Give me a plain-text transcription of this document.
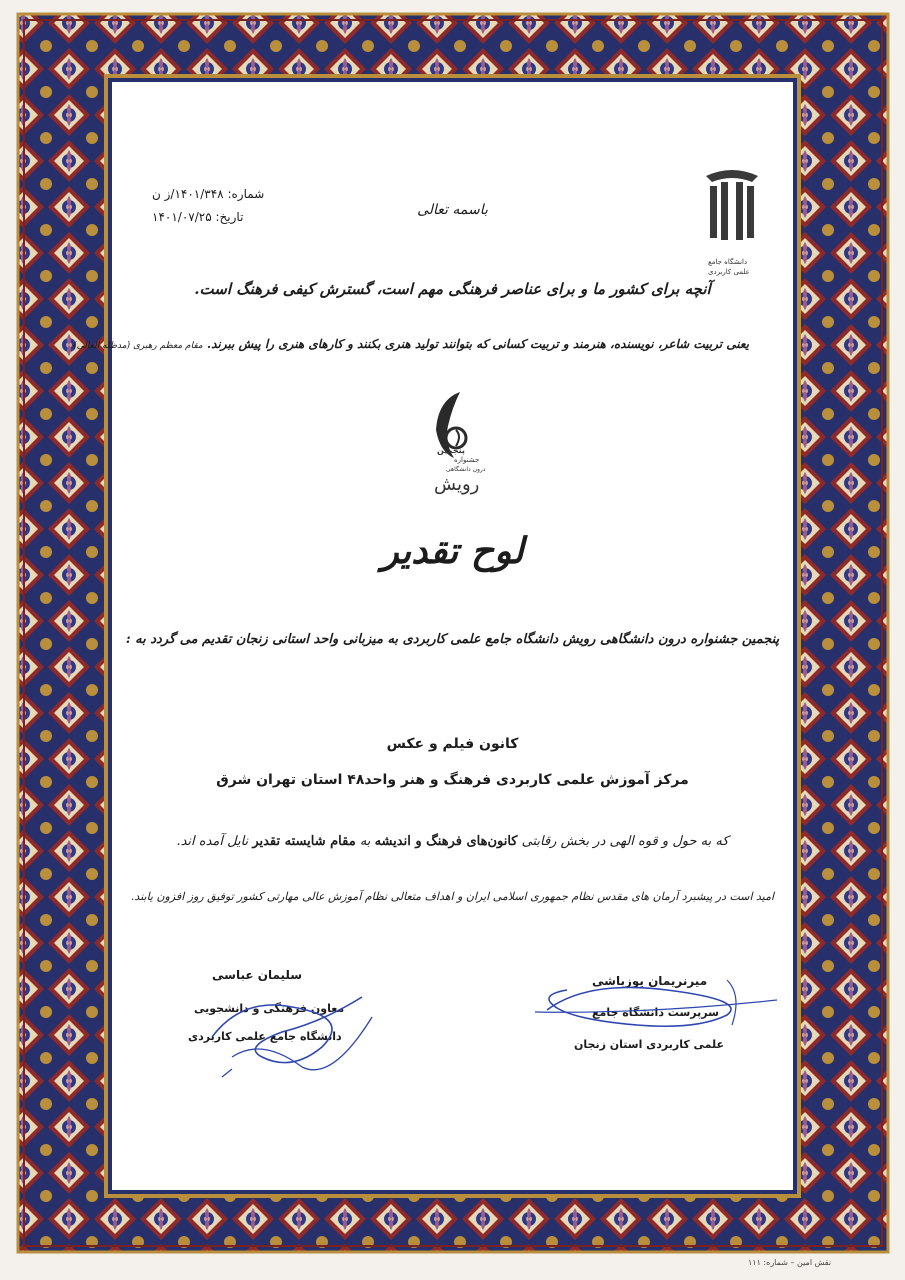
دانشگاه جامع
علمی کاربردی
شماره: ۱۴۰۱/۳۴۸/ز ن
تاریخ: ۱۴۰۱/۰۷/۲۵	باسمه تعالی
آنچه برای کشور ما و برای عناصر فرهنگی مهم است، گسترش کیفی فرهنگ است.
یعنی تربیت شاعر، نویسنده، هنرمند و تربیت کسانی که بتوانند تولید هنری بکنند و کارهای هنری را پیش ببرند. مقام معظم رهبری (مدظله العالی)
پنجمین
جشنواره
درون دانشگاهی
رویش
لوح تقدیر
پنجمین جشنواره درون دانشگاهی رویش دانشگاه جامع علمی کاربردی به میزبانی واحد استانی زنجان تقدیم می گردد به :
کانون فیلم و عکس
مرکز آموزش علمی کاربردی فرهنگ و هنر واحد۴۸ استان تهران شرق
که به حول و قوه الهی در بخش رقابتی کانون‌های فرهنگ و اندیشه به مقام شایسته تقدیر نایل آمده اند.
امید است در پیشبرد آرمان های مقدس نظام جمهوری اسلامی ایران و اهداف متعالی نظام آموزش عالی مهارتی کشور توفیق روز افزون یابند.
سلیمان عباسی
معاون فرهنگی و دانشجویی
دانشگاه جامع علمی کاربردی
میرنریمان یوزباشی
سرپرست دانشگاه جامع
علمی کاربردی استان زنجان
نقش امین – شماره: ۱۱۱
